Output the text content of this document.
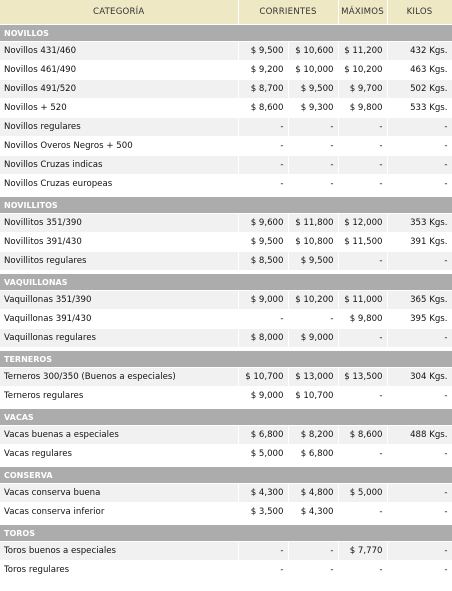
CATEGORÍA	CORRIENTES		MÁXIMOS	KILOS
NOVILLOS				
Novillos 431/460	$ 9,500	$ 10,600	$ 11,200	432 Kgs.
Novillos 461/490	$ 9,200	$ 10,000	$ 10,200	463 Kgs.
Novillos 491/520	$ 8,700	$ 9,500	$ 9,700	502 Kgs.
Novillos + 520	$ 8,600	$ 9,300	$ 9,800	533 Kgs.
Novillos regulares	-	-	-	-
Novillos Overos Negros + 500	-	-	-	-
Novillos Cruzas indicas	-	-	-	-
Novillos Cruzas europeas	-	-	-	-

NOVILLITOS				
Novillitos 351/390	$ 9,600	$ 11,800	$ 12,000	353 Kgs.
Novillitos 391/430	$ 9,500	$ 10,800	$ 11,500	391 Kgs.
Novillitos regulares	$ 8,500	$ 9,500	-	-

VAQUILLONAS				
Vaquillonas 351/390	$ 9,000	$ 10,200	$ 11,000	365 Kgs.
Vaquillonas 391/430	-	-	$ 9,800	395 Kgs.
Vaquillonas regulares	$ 8,000	$ 9,000	-	-

TERNEROS				
Terneros 300/350 (Buenos a especiales)	$ 10,700	$ 13,000	$ 13,500	304 Kgs.
Terneros regulares	$ 9,000	$ 10,700	-	-

VACAS				
Vacas buenas a especiales	$ 6,800	$ 8,200	$ 8,600	488 Kgs.
Vacas regulares	$ 5,000	$ 6,800	-	-

CONSERVA				
Vacas conserva buena	$ 4,300	$ 4,800	$ 5,000	-
Vacas conserva inferior	$ 3,500	$ 4,300	-	-

TOROS				
Toros buenos a especiales	-	-	$ 7,770	-
Toros regulares	-	-	-	-
